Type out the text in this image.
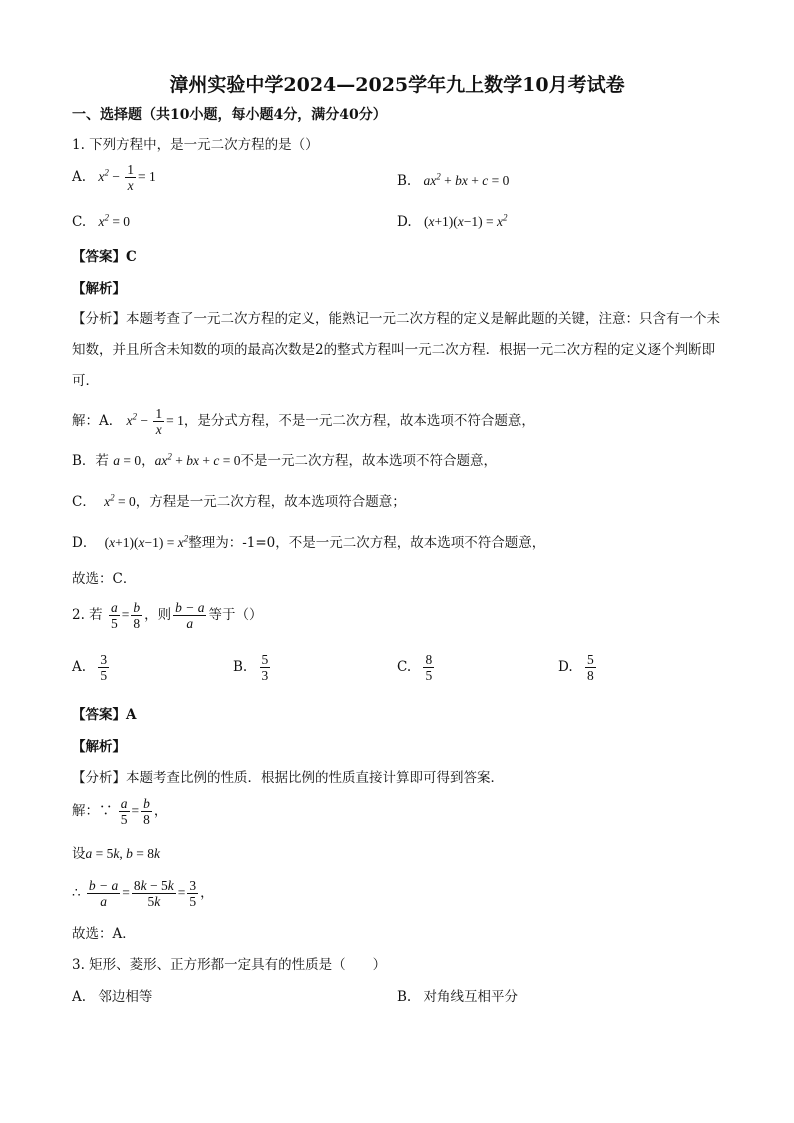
漳州实验中学2024—2025学年九上数学10月考试卷
一、选择题（共10小题，每小题4分，满分40分）
1. 下列方程中，是一元二次方程的是（）
A. $x^2 - \frac{1}{x} = 1$	B. $ax^2$ + bx + c = 0
C. $x^2 = 0$	D. $(x+1)(x-1) = x^2$
【答案】C
【解析】
【分析】本题考查了一元二次方程的定义，能熟记一元二次方程的定义是解此题的关键，注意：只含有一个未知数，并且所含未知数的项的最高次数是2的整式方程叫一元二次方程．根据一元二次方程的定义逐个判断即可．
解：A． $x^2 - \frac{1}{x} = 1$，是分式方程，不是一元二次方程，故本选项不符合题意，
B．若 a = 0，$ax^2$ + bx + c = 0不是一元二次方程，故本选项不符合题意，
C． $x^2 = 0$，方程是一元二次方程，故本选项符合题意；
D． $(x+1)(x-1) = x^2$整理为：-1=0，不是一元二次方程，故本选项不符合题意，
故选：C．
2. 若 $\frac{a}{5} = \frac{b}{8}$ ，则 $\frac{b - a}{a}$ 等于（）
A. $\frac{3}{5}$	B. $\frac{5}{3}$	C. $\frac{8}{5}$	D. $\frac{5}{8}$
【答案】A
【解析】
【分析】本题考查比例的性质．根据比例的性质直接计算即可得到答案．
解：∵ $\frac{a}{5} = \frac{b}{8}$ ，
设a = 5k, b = 8k
∴ $\frac{b - a}{a} = \frac{8k - 5k}{5k} = \frac{3}{5}$ ，
故选：A．
3. 矩形、菱形、正方形都一定具有的性质是（　　）
A. 邻边相等	B. 对角线互相平分
